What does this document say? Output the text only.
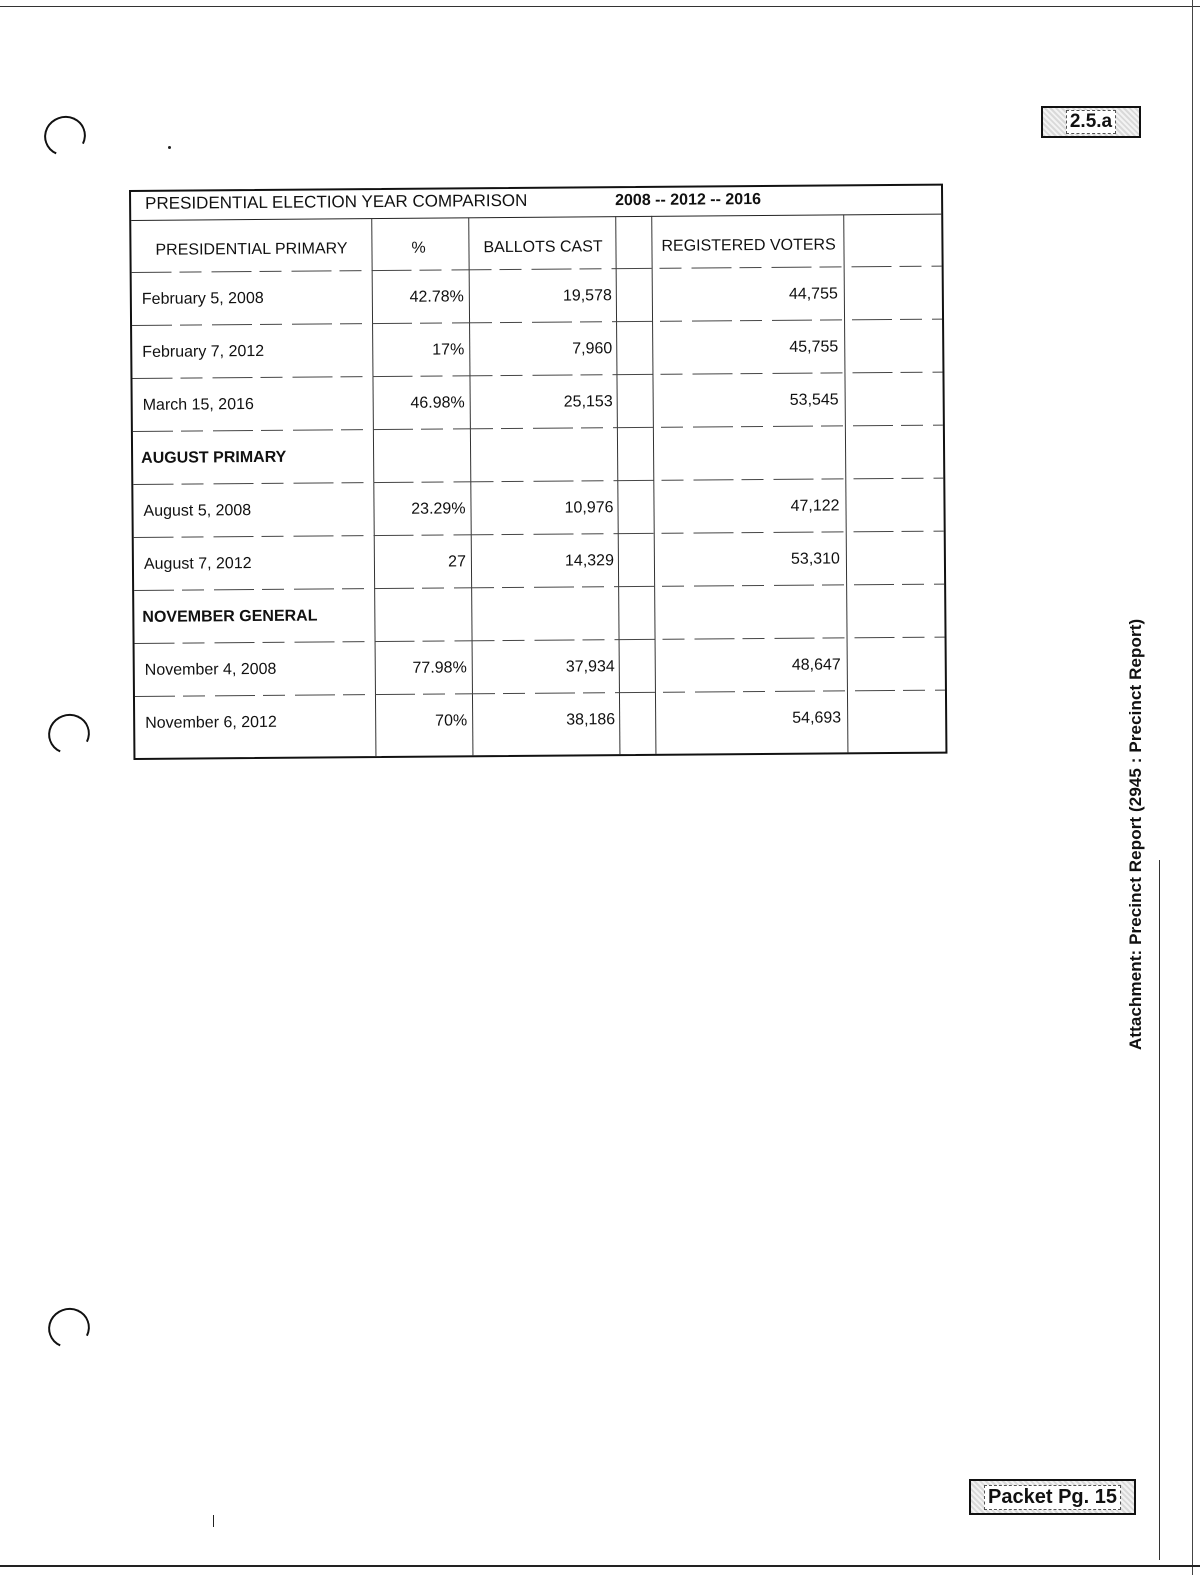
2.5.a
Attachment: Precinct Report (2945 : Precinct Report)
PRESIDENTIAL ELECTION YEAR COMPARISON	2008 -- 2012 -- 2016
PRESIDENTIAL PRIMARY	%	BALLOTS CAST	REGISTERED VOTERS
February 5, 2008	42.78%	19,578	44,755
February 7, 2012	17%	7,960	45,755
March 15, 2016	46.98%	25,153	53,545
AUGUST PRIMARY
August 5, 2008	23.29%	10,976	47,122
August 7, 2012	27	14,329	53,310
NOVEMBER GENERAL
November 4, 2008	77.98%	37,934	48,647
November 6, 2012	70%	38,186	54,693
Packet Pg. 15
